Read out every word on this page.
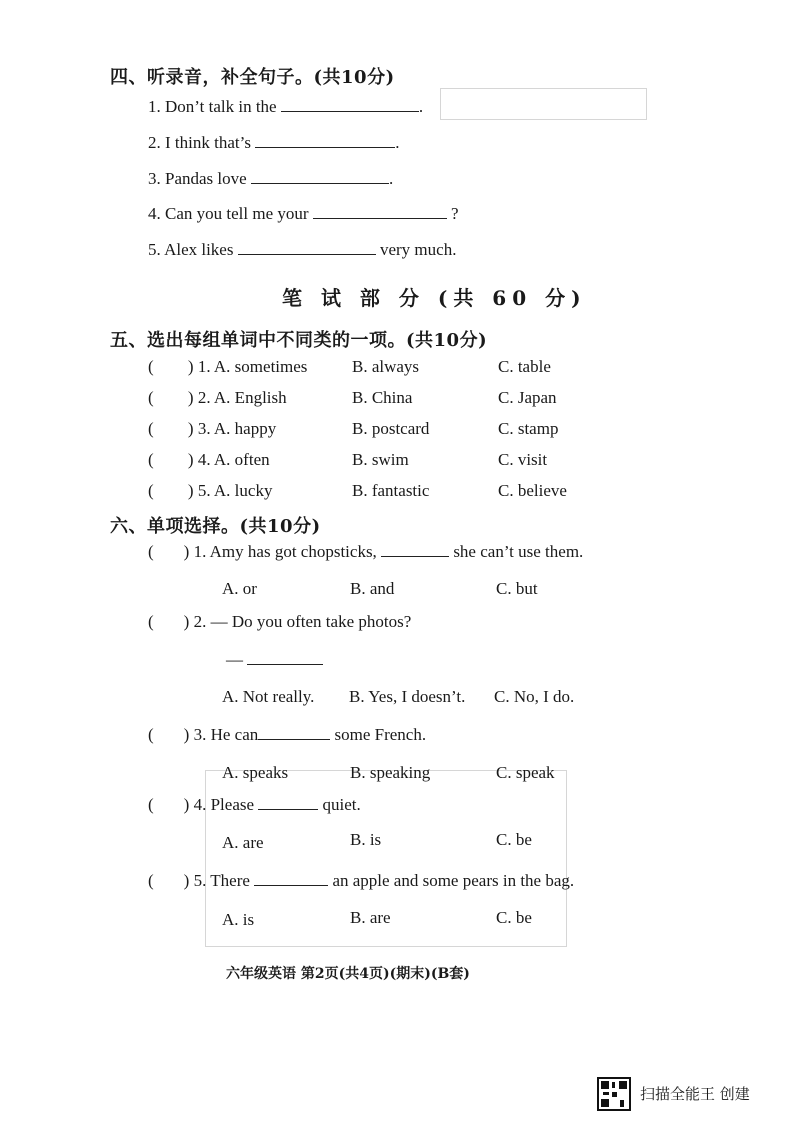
四、听录音，补全句子。(共10分)
1. Don’t talk in the	.
2. I think that’s	.
3. Pandas love	.
4. Can you tell me your	?
5. Alex likes	very much.
笔 试 部 分 (共 60 分)
五、选出每组单词中不同类的一项。(共10分)
( ) 1. A. sometimes	B. always	C. table
( ) 2. A. English	B. China	C. Japan
( ) 3. A. happy	B. postcard	C. stamp
( ) 4. A. often	B. swim	C. visit
( ) 5. A. lucky	B. fantastic	C. believe
六、单项选择。(共10分)
( ) 1. Amy has got chopsticks,	she can’t use them.
A. or	B. and	C. but
( ) 2. — Do you often take photos?
—
A. Not really. B. Yes, I doesn’t. C. No, I do.
( ) 3. He can	some French.
A. speaks	B. speaking	C. speak
( ) 4. Please	quiet.
A. are	B. is	C. be
( ) 5. There	an apple and some pears in the bag.
A. is	B. are	C. be
六年级英语 第2页(共4页)(期末)(B套)
扫描全能王 创建
